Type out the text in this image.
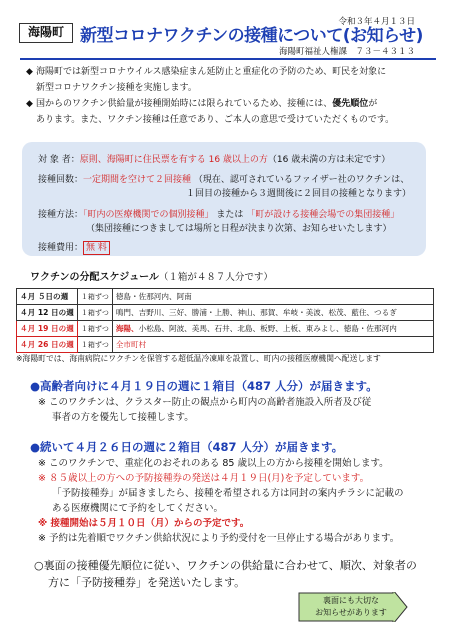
令和３年４月１３日
海陽町 新型コロナワクチンの接種について(お知らせ)
海陽町福祉人権課　７３－４３１３
◆ 海陽町では新型コロナウイルス感染症まん延防止と重症化の予防のため、町民を対象に
新型コロナワクチン接種を実施します。
◆ 国からのワクチン供給量が接種開始時には限られているため、接種には、優先順位が
あります。また、ワクチン接種は任意であり、ご本人の意思で受けていただくものです。
対 象 者：原則、海陽町に住民票を有する 16 歳以上の方（16 歳未満の方は未定です）
接種回数：一定期間を空けて２回接種 （現在、認可されているファイザー社のワクチンは、
１回目の接種から３週間後に２回目の接種となります）
接種方法：「町内の医療機関での個別接種」 または 「町が設ける接種会場での集団接種」
（集団接種につきましては場所と日程が決まり次第、お知らせいたします）
接種費用： 無 料
ワクチンの分配スケジュール（１箱が４８７人分です）
４月 ５日の週	１箱ずつ	徳島・佐那河内、阿南
４月 12 日の週	１箱ずつ	鳴門、吉野川、三好、勝浦・上勝、神山、那賀、牟岐・美波、松茂、藍住、つるぎ
４月 19 日の週	１箱ずつ	海陽、小松島、阿波、美馬、石井、北島、板野、上板、東みよし、徳島・佐那河内
４月 26 日の週	１箱ずつ	全市町村
※海陽町では、海南病院にワクチンを保管する超低温冷凍庫を設置し、町内の接種医療機関へ配送します
●高齢者向けに４月１９日の週に１箱目（487 人分）が届きます。
※ このワクチンは、クラスター防止の観点から町内の高齢者施設入所者及び従
事者の方を優先して接種します。
●続いて４月２６日の週に２箱目（487 人分）が届きます。
※ このワクチンで、重症化のおそれのある 85 歳以上の方から接種を開始します。
※ ８５歳以上の方への予防接種券の発送は４月１９日(月)を予定しています。
「予防接種券」が届きましたら、接種を希望される方は同封の案内チラシに記載の
ある医療機関にて予約をしてください。
※ 接種開始は５月１０日（月）からの予定です。
※ 予約は先着順でワクチン供給状況により予約受付を一旦停止する場合があります。
○裏面の接種優先順位に従い、ワクチンの供給量に合わせて、順次、対象者の
方に「予防接種券」を発送いたします。
裏面にも大切な
お知らせがあります
